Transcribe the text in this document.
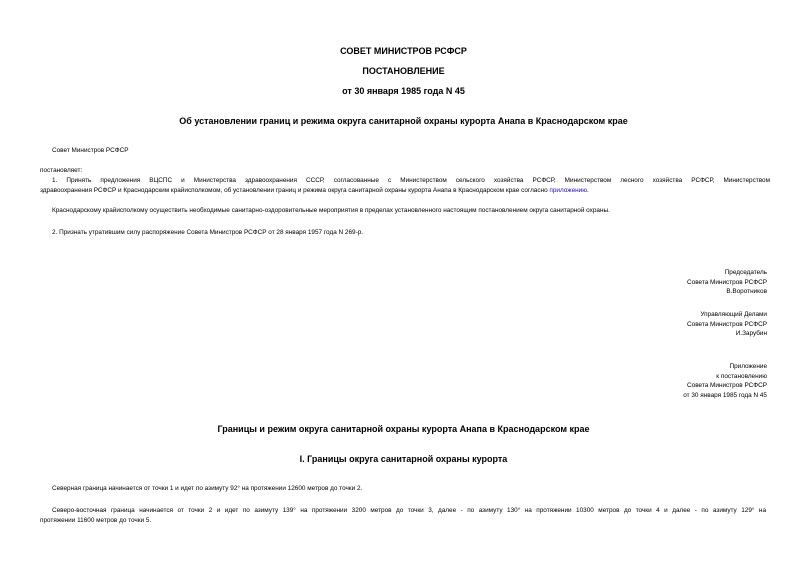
СОВЕТ МИНИСТРОВ РСФСР
ПОСТАНОВЛЕНИЕ
от 30 января 1985 года N 45
Об установлении границ и режима округа санитарной охраны курорта Анапа в Краснодарском крае
Совет Министров РСФСР
постановляет:
1. Принять предложения ВЦСПС и Министерства здравоохранения СССР, согласованные с Министерством сельского хозяйства РСФСР, Министерством лесного хозяйства РСФСР, Министерством
здравоохранения РСФСР и Краснодарским крайисполкомом, об установлении границ и режима округа санитарной охраны курорта Анапа в Краснодарском крае согласно приложению.
Краснодарскому крайисполкому осуществить необходимые санитарно-оздоровительные мероприятия в пределах установленного настоящим постановлением округа санитарной охраны.
2. Признать утратившим силу распоряжение Совета Министров РСФСР от 28 января 1957 года N 269-р.
Председатель
Совета Министров РСФСР
В.Воротников
Управляющий Делами
Совета Министров РСФСР
И.Зарубин
Приложение
к постановлению
Совета Министров РСФСР
от 30 января 1985 года N 45
Границы и режим округа санитарной охраны курорта Анапа в Краснодарском крае
I. Границы округа санитарной охраны курорта
Северная граница начинается от точки 1 и идет по азимуту 92° на протяжении 12600 метров до точки 2.
Северо-восточная граница начинается от точки 2 и идет по азимуту 139° на протяжении 3200 метров до точки 3, далее - по азимуту 130° на протяжении 10300 метров до точки 4 и далее - по азимуту 129° на
протяжении 11600 метров до точки 5.
